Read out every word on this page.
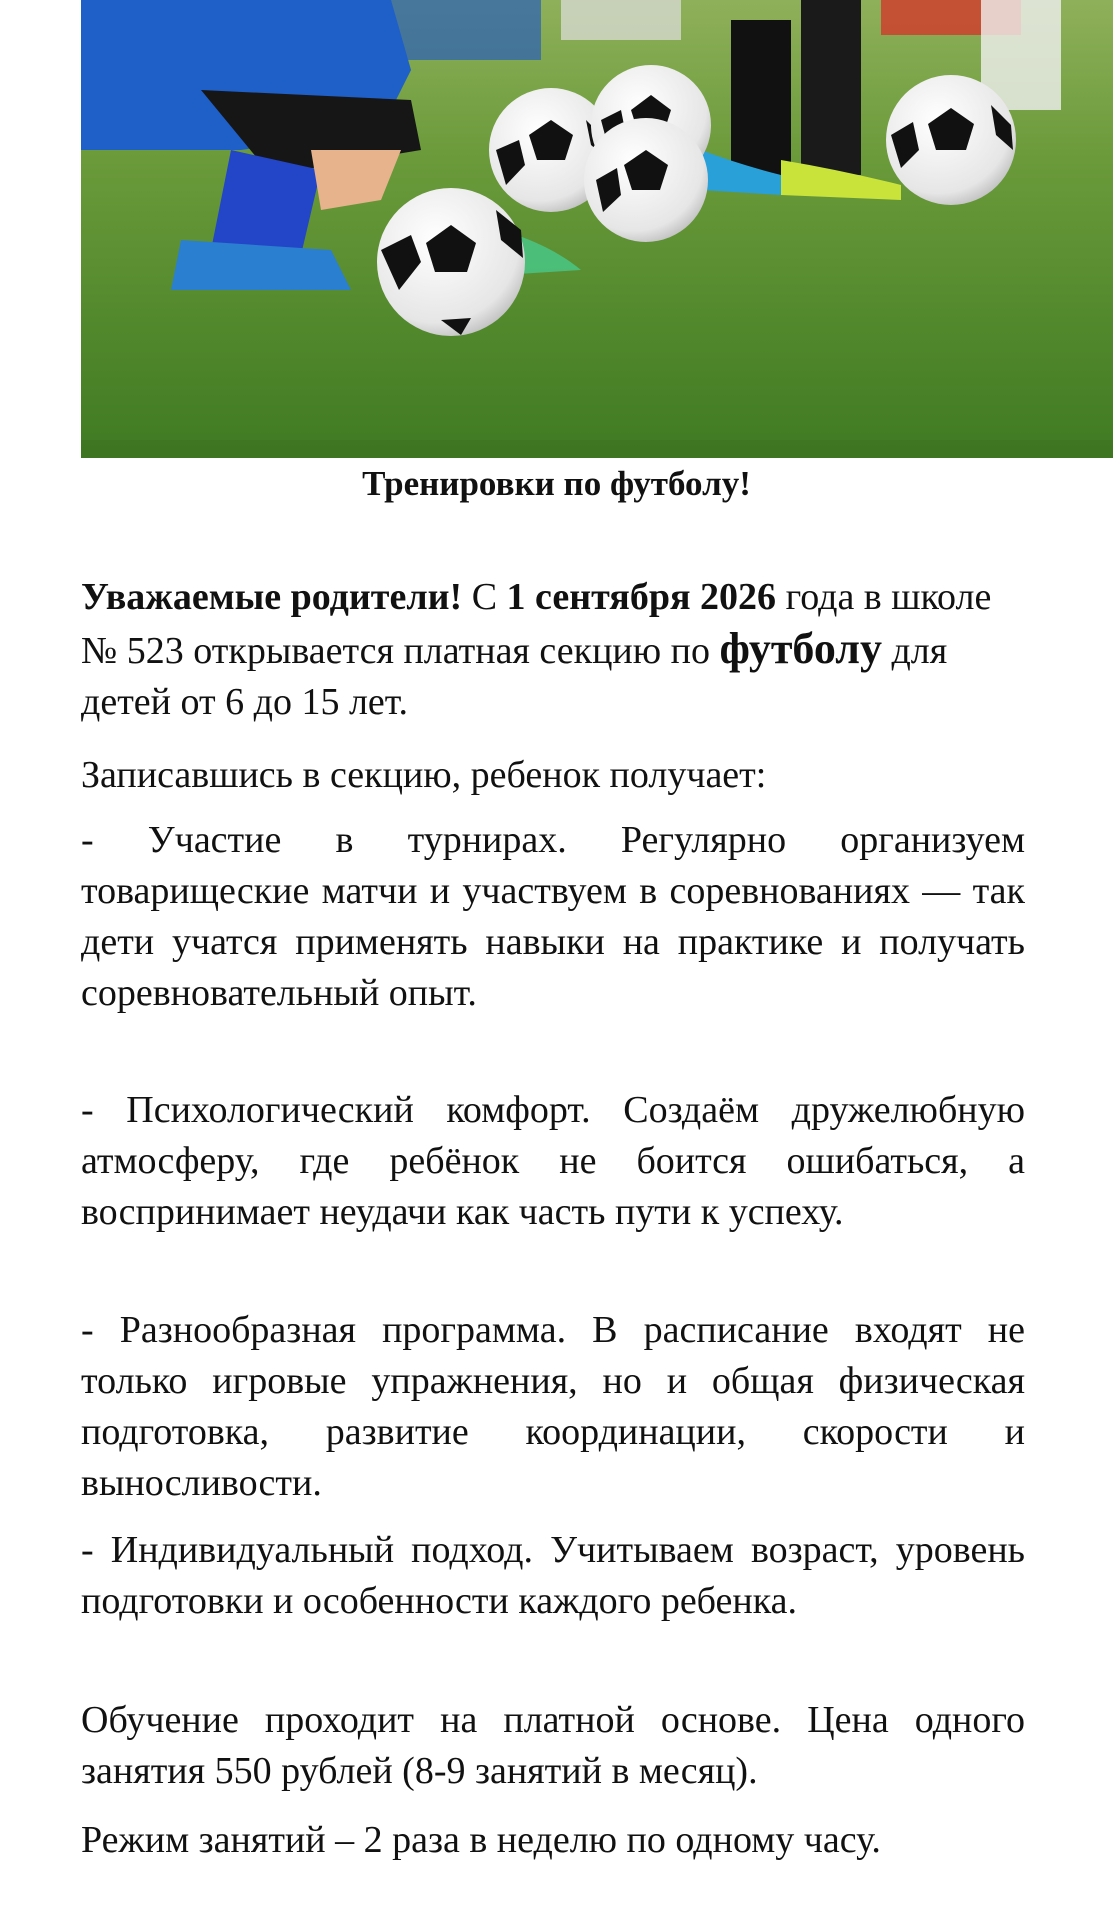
Тренировки по футболу!

Уважаемые родители! С 1 сентября 2026 года в школе № 523 открывается платная секцию по футболу для детей от 6 до 15 лет.

Записавшись в секцию, ребенок получает:

- Участие в турнирах. Регулярно организуем товарищеские матчи и участвуем в соревнованиях — так дети учатся применять навыки на практике и получать соревновательный опыт.

- Психологический комфорт. Создаём дружелюбную атмосферу, где ребёнок не боится ошибаться, а воспринимает неудачи как часть пути к успеху.

- Разнообразная программа. В расписание входят не только игровые упражнения, но и общая физическая подготовка, развитие координации, скорости и выносливости.

- Индивидуальный подход. Учитываем возраст, уровень подготовки и особенности каждого ребенка.

Обучение проходит на платной основе. Цена одного занятия 550 рублей (8-9 занятий в месяц).

Режим занятий – 2 раза в неделю по одному часу.
